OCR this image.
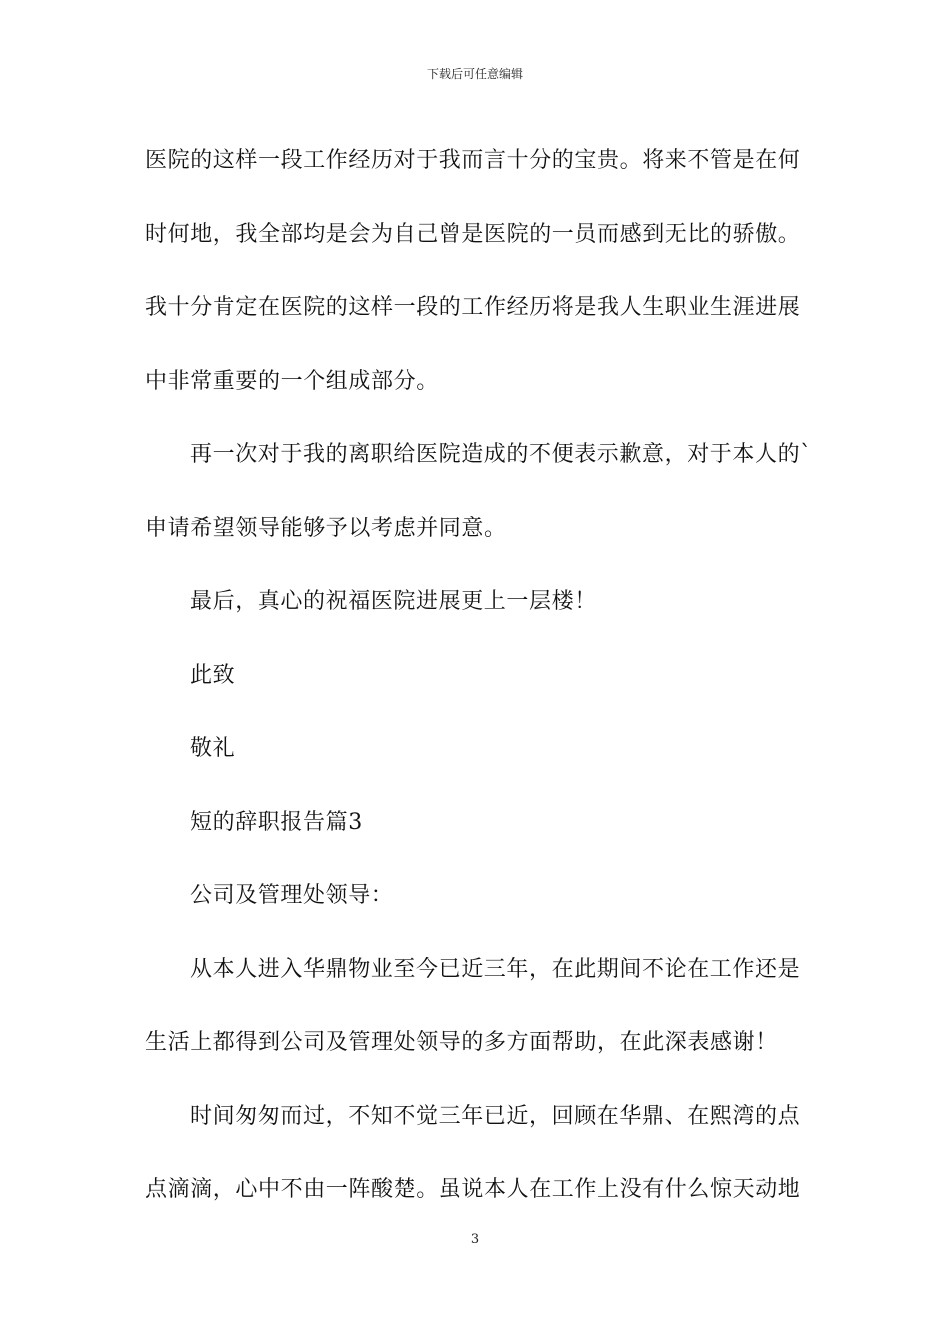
下载后可任意编辑
医院的这样一段工作经历对于我而言十分的宝贵。将来不管是在何
时何地，我全部均是会为自己曾是医院的一员而感到无比的骄傲。
我十分肯定在医院的这样一段的工作经历将是我人生职业生涯进展
中非常重要的一个组成部分。
再一次对于我的离职给医院造成的不便表示歉意，对于本人的`
申请希望领导能够予以考虑并同意。
最后，真心的祝福医院进展更上一层楼！
此致
敬礼
短的辞职报告篇3
公司及管理处领导：
从本人进入华鼎物业至今已近三年，在此期间不论在工作还是
生活上都得到公司及管理处领导的多方面帮助，在此深表感谢！
时间匆匆而过，不知不觉三年已近，回顾在华鼎、在熙湾的点
点滴滴，心中不由一阵酸楚。虽说本人在工作上没有什么惊天动地
3
